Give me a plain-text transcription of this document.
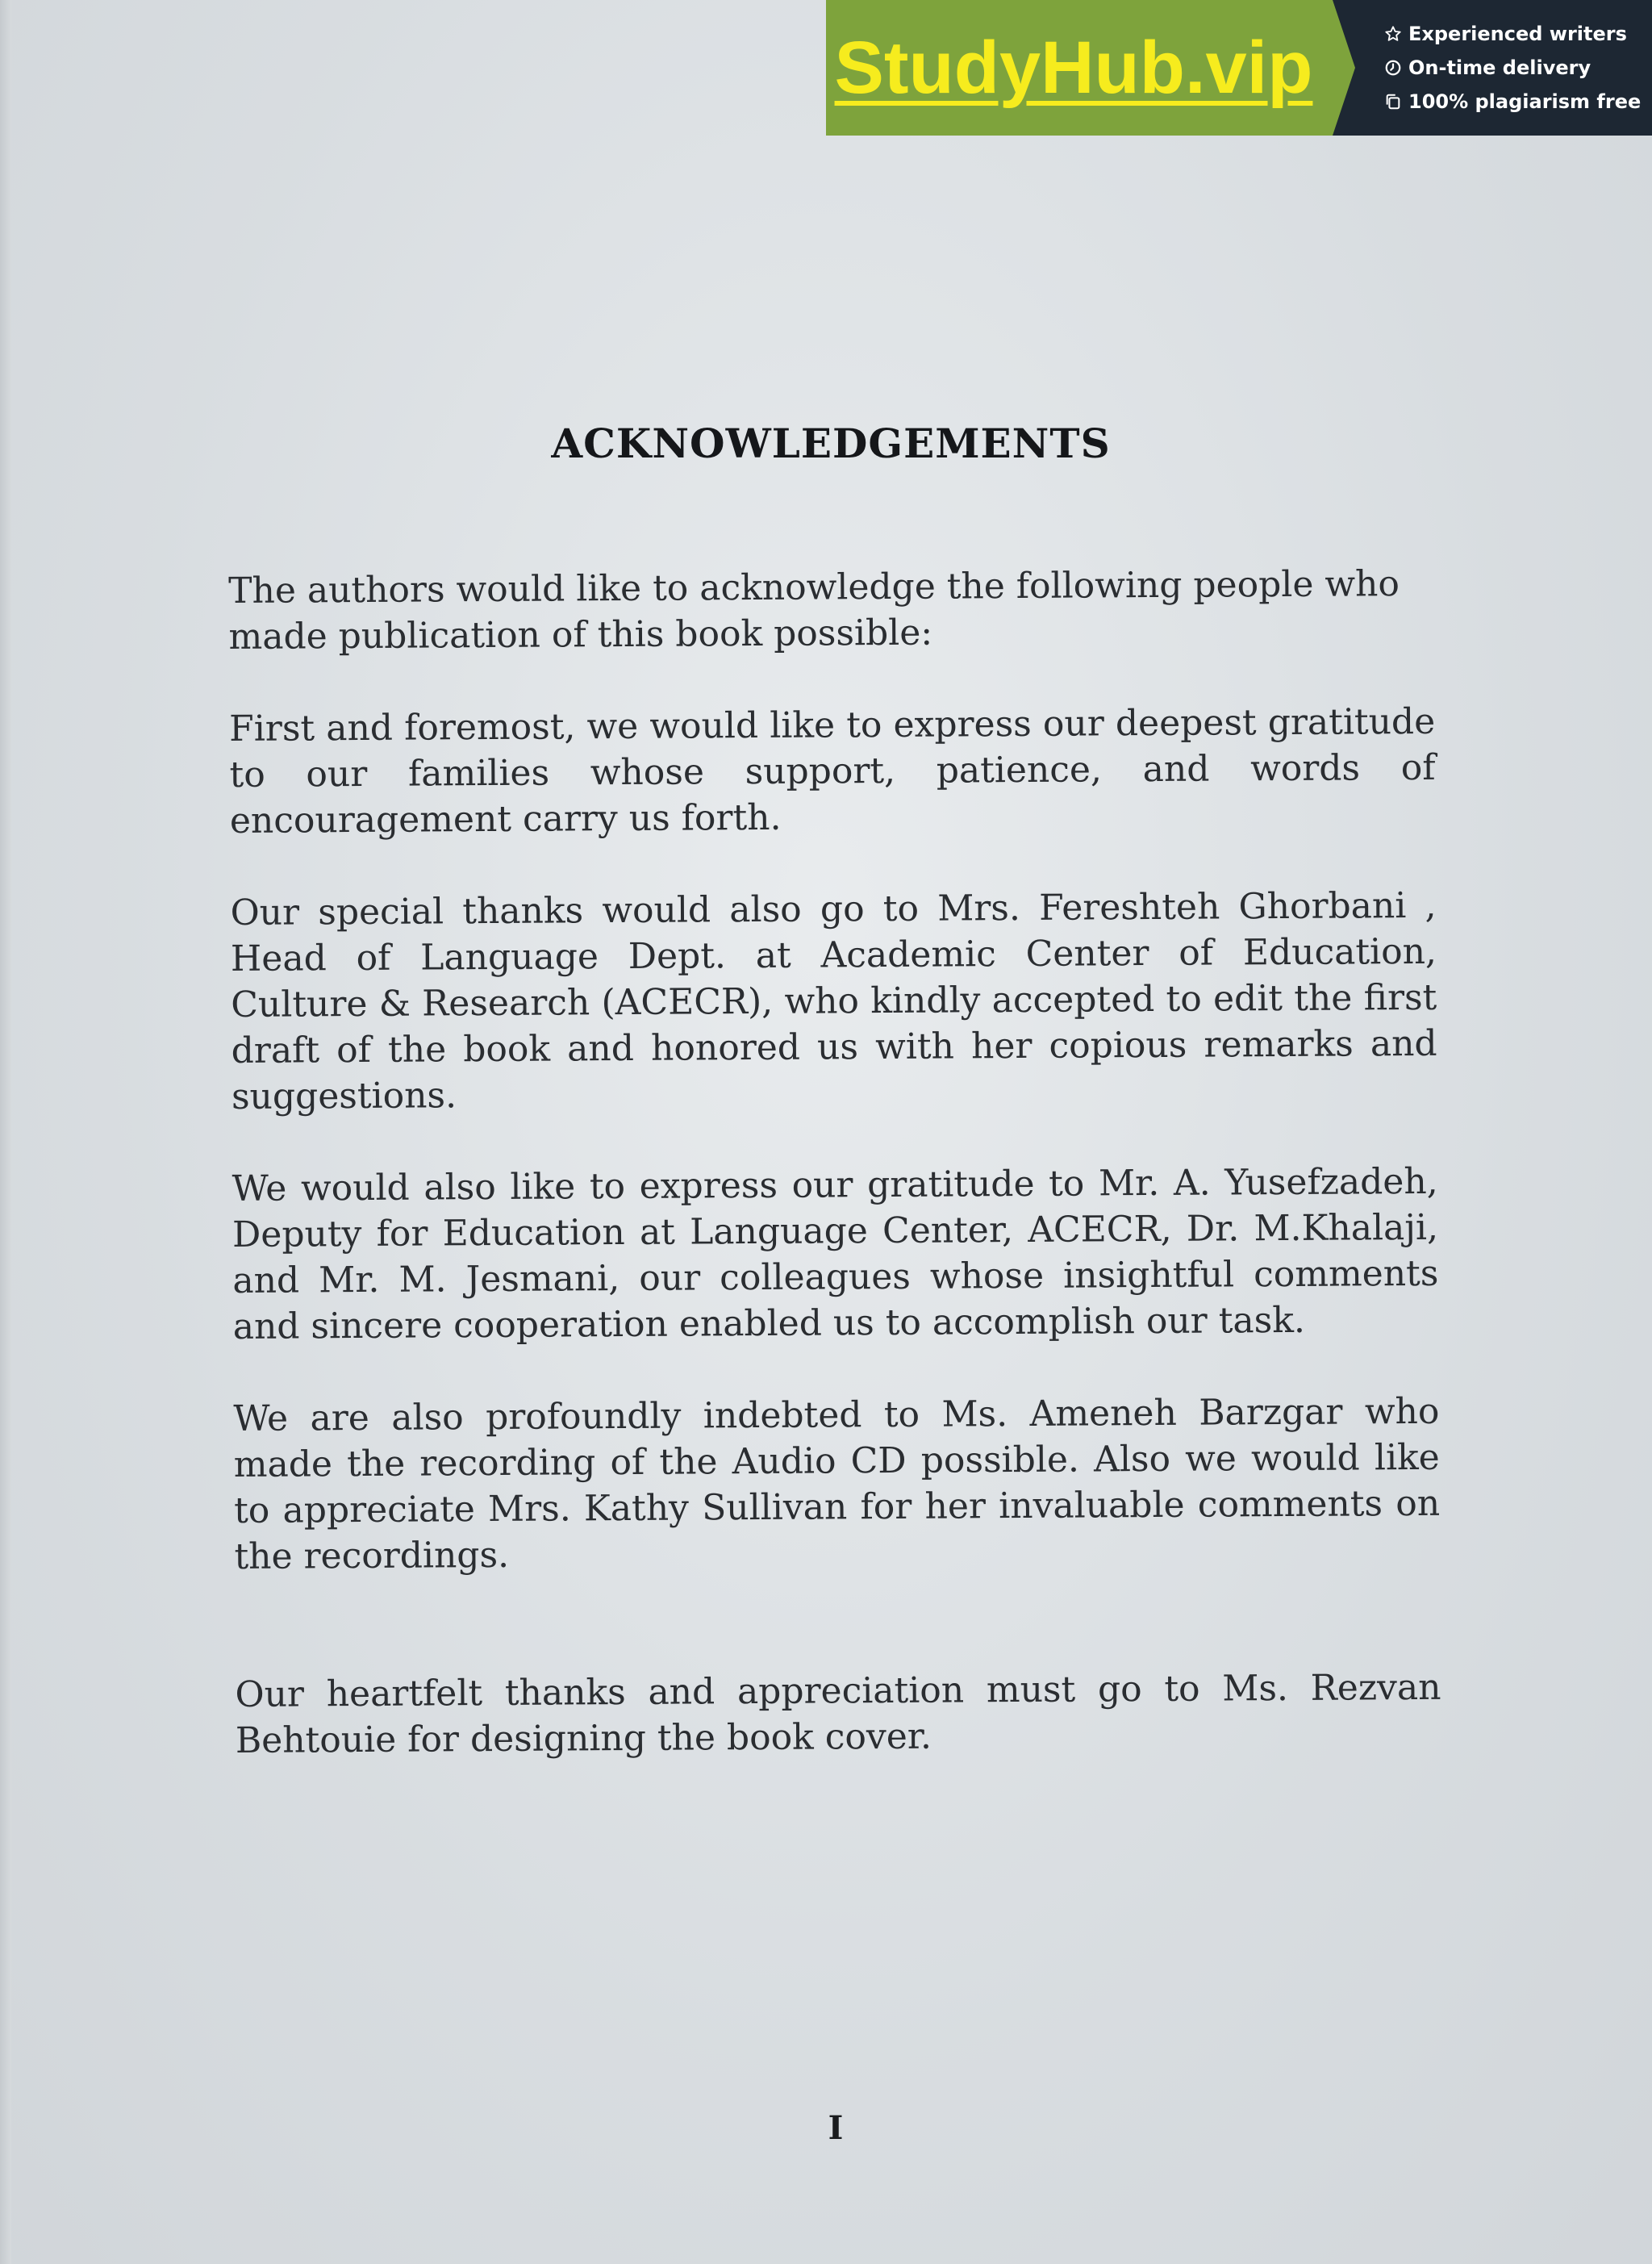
StudyHub.vip	Experienced writers
On-time delivery
100% plagiarism free
ACKNOWLEDGEMENTS

The authors would like to acknowledge the following people who made publication of this book possible:

First and foremost, we would like to express our deepest gratitude to our families whose support, patience, and words of encouragement carry us forth.

Our special thanks would also go to Mrs. Fereshteh Ghorbani , Head of Language Dept. at Academic Center of Education, Culture & Research (ACECR), who kindly accepted to edit the first draft of the book and honored us with her copious remarks and suggestions.

We would also like to express our gratitude to Mr. A. Yusefzadeh, Deputy for Education at Language Center, ACECR, Dr. M.Khalaji, and Mr. M. Jesmani, our colleagues whose insightful comments and sincere cooperation enabled us to accomplish our task.

We are also profoundly indebted to Ms. Ameneh Barzgar who made the recording of the Audio CD possible. Also we would like to appreciate Mrs. Kathy Sullivan for her invaluable comments on the recordings.

Our heartfelt thanks and appreciation must go to Ms. Rezvan Behtouie for designing the book cover.

I
